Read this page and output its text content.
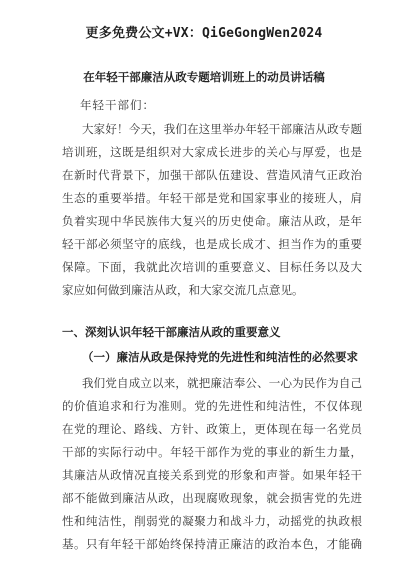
更多免费公文+VX：QiGeGongWen2024
在年轻干部廉洁从政专题培训班上的动员讲话稿
年轻干部们：
大家好！今天，我们在这里举办年轻干部廉洁从政专题
培训班，这既是组织对大家成长进步的关心与厚爱，也是
在新时代背景下，加强干部队伍建设、营造风清气正政治
生态的重要举措。年轻干部是党和国家事业的接班人，肩
负着实现中华民族伟大复兴的历史使命。廉洁从政，是年
轻干部必须坚守的底线，也是成长成才、担当作为的重要
保障。下面，我就此次培训的重要意义、目标任务以及大
家应如何做到廉洁从政，和大家交流几点意见。
一、深刻认识年轻干部廉洁从政的重要意义
（一）廉洁从政是保持党的先进性和纯洁性的必然要求
我们党自成立以来，就把廉洁奉公、一心为民作为自己
的价值追求和行为准则。党的先进性和纯洁性，不仅体现
在党的理论、路线、方针、政策上，更体现在每一名党员
干部的实际行动中。年轻干部作为党的事业的新生力量，
其廉洁从政情况直接关系到党的形象和声誉。如果年轻干
部不能做到廉洁从政，出现腐败现象，就会损害党的先进
性和纯洁性，削弱党的凝聚力和战斗力，动摇党的执政根
基。只有年轻干部始终保持清正廉洁的政治本色，才能确
